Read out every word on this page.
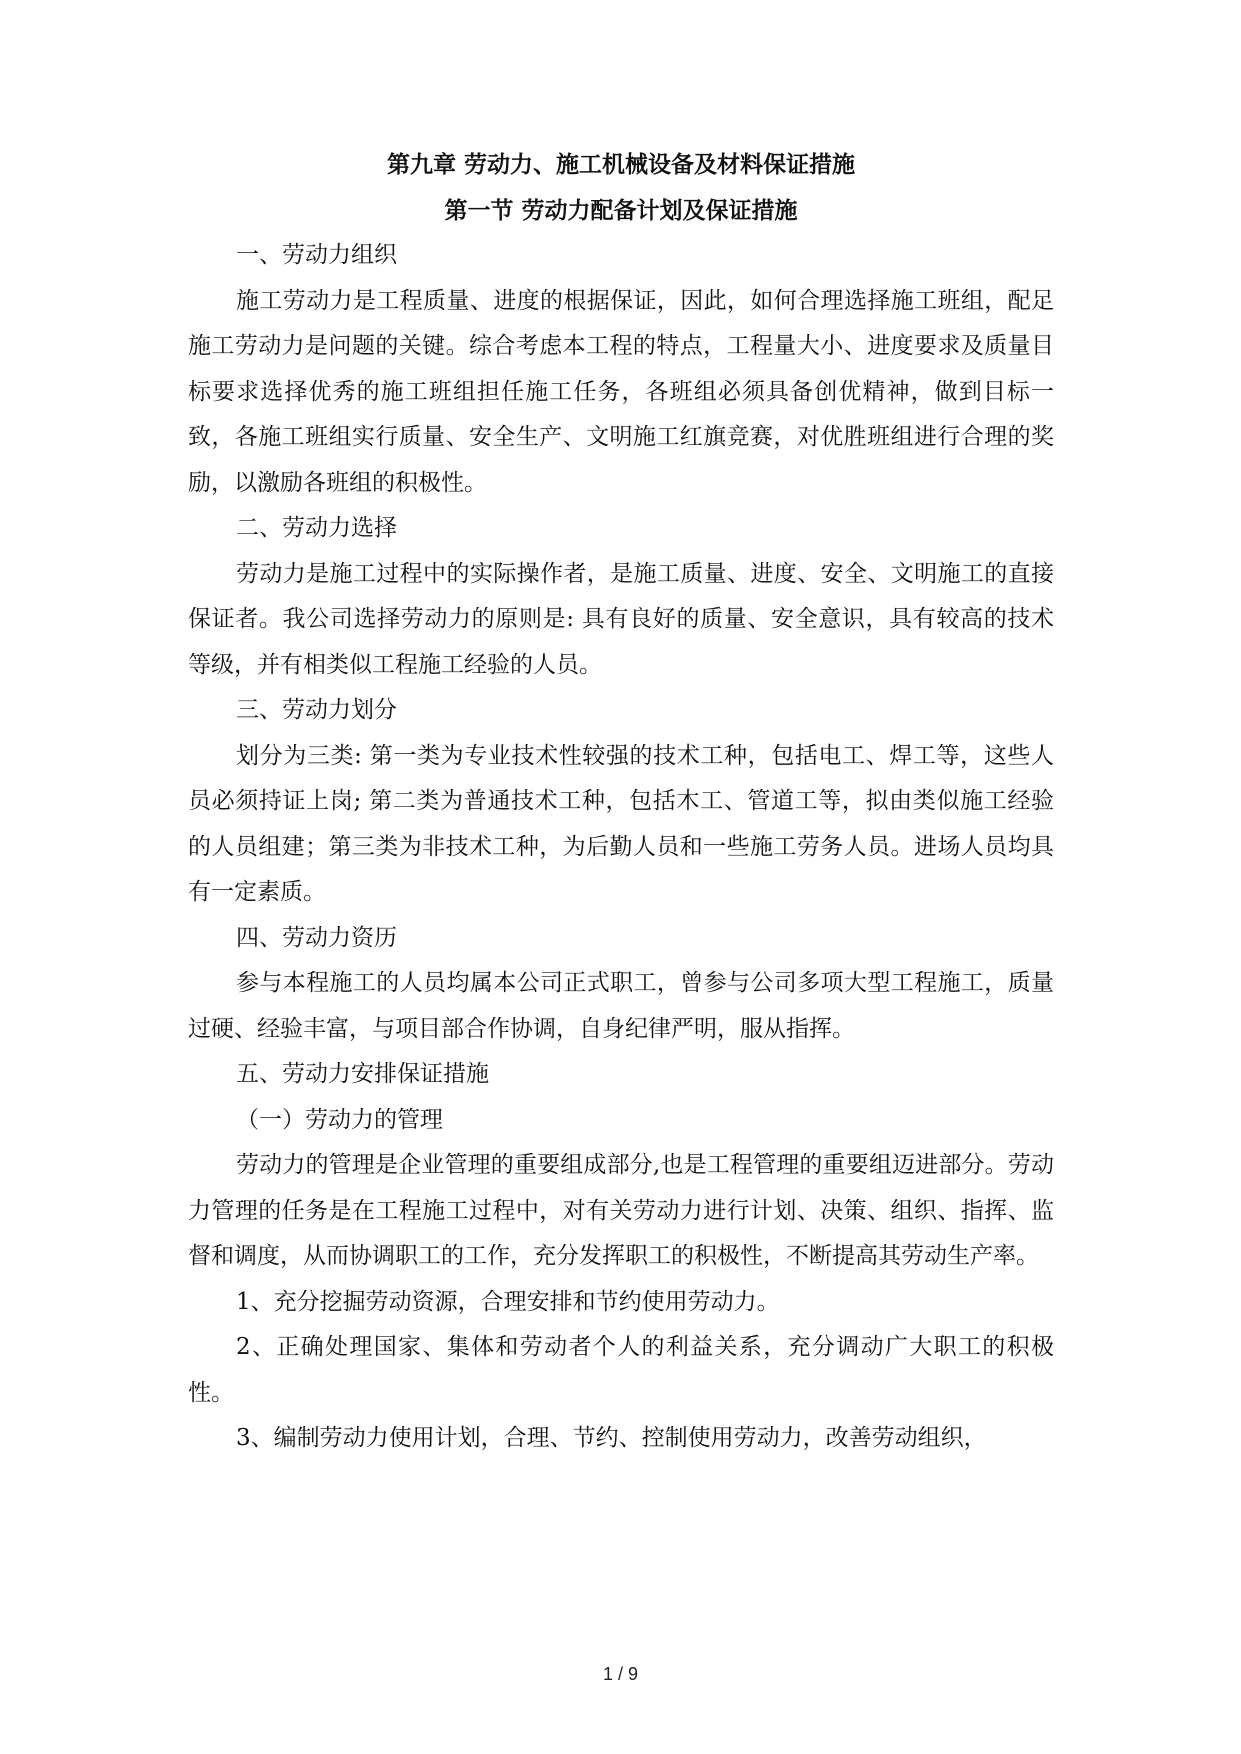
第九章 劳动力、施工机械设备及材料保证措施
第一节 劳动力配备计划及保证措施

一、劳动力组织

施工劳动力是工程质量、进度的根据保证，因此，如何合理选择施工班组，配足施工劳动力是问题的关键。综合考虑本工程的特点，工程量大小、进度要求及质量目标要求选择优秀的施工班组担任施工任务，各班组必须具备创优精神，做到目标一致，各施工班组实行质量、安全生产、文明施工红旗竞赛，对优胜班组进行合理的奖励，以激励各班组的积极性。

二、劳动力选择

劳动力是施工过程中的实际操作者，是施工质量、进度、安全、文明施工的直接保证者。我公司选择劳动力的原则是: 具有良好的质量、安全意识，具有较高的技术等级，并有相类似工程施工经验的人员。

三、劳动力划分

划分为三类: 第一类为专业技术性较强的技术工种，包括电工、焊工等，这些人员必须持证上岗; 第二类为普通技术工种，包括木工、管道工等，拟由类似施工经验的人员组建；第三类为非技术工种，为后勤人员和一些施工劳务人员。进场人员均具有一定素质。

四、劳动力资历

参与本程施工的人员均属本公司正式职工，曾参与公司多项大型工程施工，质量过硬、经验丰富，与项目部合作协调，自身纪律严明，服从指挥。

五、劳动力安排保证措施

（一）劳动力的管理

劳动力的管理是企业管理的重要组成部分,也是工程管理的重要组迈进部分。劳动力管理的任务是在工程施工过程中，对有关劳动力进行计划、决策、组织、指挥、监督和调度，从而协调职工的工作，充分发挥职工的积极性，不断提高其劳动生产率。

1、充分挖掘劳动资源，合理安排和节约使用劳动力。

2、正确处理国家、集体和劳动者个人的利益关系，充分调动广大职工的积极性。

3、编制劳动力使用计划，合理、节约、控制使用劳动力，改善劳动组织，

1 / 9
